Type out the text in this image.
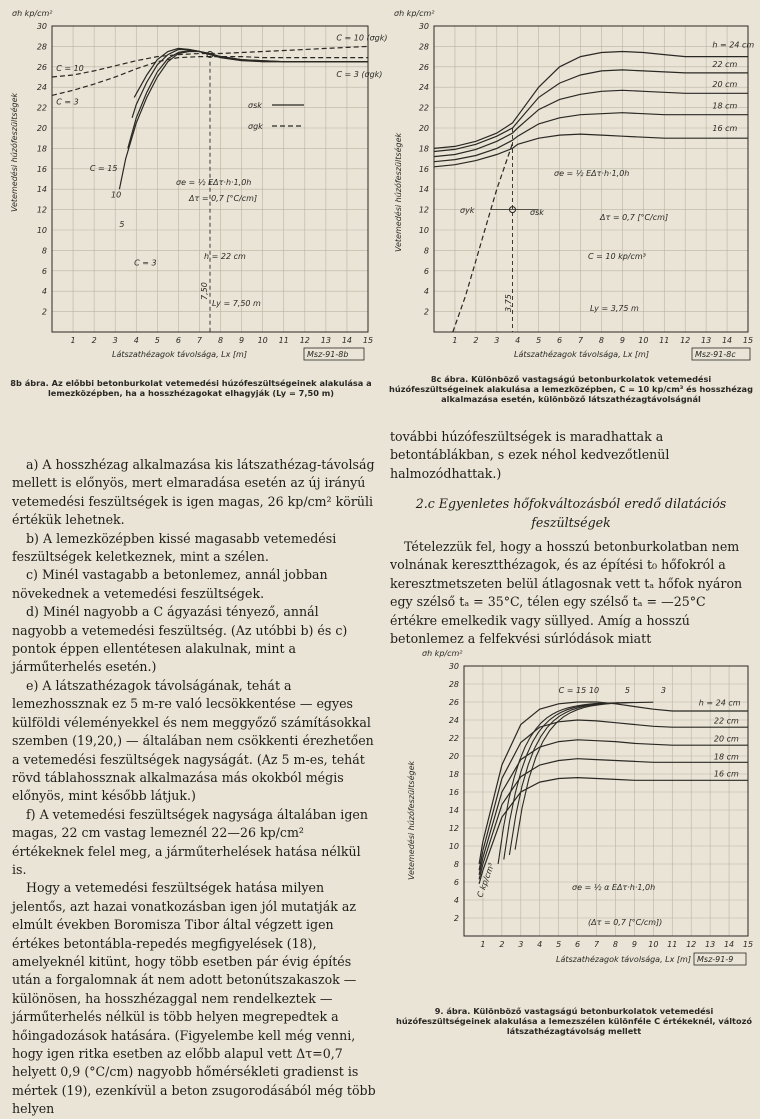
σh kp/cm²
Vetemedési húzófeszültségek
1 2 3 4 5 6 7 8 9 10 11 12 13 14 15
2
4
6
8
10
12
14
16
18
20
22
24
26
28
30
C = 3
5
10
C = 15
C = 10 (σgk)
C = 3 (σgk)
C = 10
C = 3
σe = ½ EΔτ·h·1,0h
Δτ = 0,7 [°C/cm]
h = 22 cm
Ly = 7,50 m
σsk
σgk
7,50
Látszathézagok távolsága, Lx [m]	Msz-91-8b
8b ábra. Az előbbi betonburkolat vetemedési húzófeszültségeinek alakulása a lemezközépben, ha a hosszhézagokat elhagyják (Ly = 7,50 m)
σh kp/cm²
Vetemedési húzófeszültségek
1 2 3 4 5 6 7 8 9 10 11 12 13 14 15
2
4
6
8
10
12
14
16
18
20
22
24
26
28
30
h = 24 cm
22 cm
20 cm
18 cm
16 cm
σe = ½ EΔτ·h·1,0h
Δτ = 0,7 [°C/cm]
C = 10 kp/cm³
Ly = 3,75 m
σyk	σsk
3,75
Látszathézagok távolsága, Lx [m]	Msz-91-8c
8c ábra. Különböző vastagságú betonburkolatok vetemedési húzófeszültségeinek alakulása a lemezközépben, C = 10 kp/cm³ és hosszhézag alkalmazása esetén, különböző látszathézagtávolságnál

a) A hosszhézag alkalmazása kis látszathézag-távolság mellett is előnyös, mert elmaradása esetén az új irányú vetemedési feszültségek is igen magas, 26 kp/cm² körüli értékük lehetnek.

b) A lemezközépben kissé magasabb vetemedési feszültségek keletkeznek, mint a szélen.

c) Minél vastagabb a betonlemez, annál jobban növekednek a vetemedési feszültségek.

d) Minél nagyobb a C ágyazási tényező, annál nagyobb a vetemedési feszültség. (Az utóbbi b) és c) pontok éppen ellentétesen alakulnak, mint a járműterhelés esetén.)

e) A látszathézagok távolságának, tehát a lemezhossznak ez 5 m-re való lecsökkentése — egyes külföldi véleményekkel és nem meggyőző számításokkal szemben (19,20,) — általában nem csökkenti érezhetően a vetemedési feszültségek nagyságát. (Az 5 m-es, tehát rövd táblahossznak alkalmazása más okokból mégis előnyös, mint később látjuk.)

f) A vetemedési feszültségek nagysága általában igen magas, 22 cm vastag lemeznél 22—26 kp/cm² értékeknek felel meg, a járműterhelések hatása nélkül is.

Hogy a vetemedési feszültségek hatása milyen jelentős, azt hazai vonatkozásban igen jól mutatják az elmúlt években Boromisza Tibor által végzett igen értékes betontábla-repedés megfigyelések (18), amelyeknél kitünt, hogy több esetben pár évig építés után a forgalomnak át nem adott betonútszakaszok — különösen, ha hosszhézaggal nem rendelkeztek — járműterhelés nélkül is több helyen megrepedtek a hőingadozások hatására. (Figyelembe kell még venni, hogy igen ritka esetben az előbb alapul vett Δτ=0,7 helyett 0,9 (°C/cm) nagyobb hőmérsékleti gradienst is mértek (19), ezenkívül a beton zsugorodásából még több helyen

további húzófeszültségek is maradhattak a betontáblákban, s ezek néhol kedvezőtlenül halmozódhattak.)

2.c Egyenletes hőfokváltozásból eredő dilatációs feszültségek

Tételezzük fel, hogy a hosszú betonburkolatban nem volnának keresztthézagok, és az építési t₀ hőfokról a keresztmetszeten belül átlagosnak vett tₐ hőfok nyáron egy szélső tₐ = 35°C, télen egy szélső tₐ = —25°C értékre emelkedik vagy süllyed. Amíg a hosszú betonlemez a felfekvési súrlódások miatt

σh kp/cm²
Vetemedési húzófeszültségek
1 2 3 4 5 6 7 8 9 10 11 12 13 14 15
2
4
6
8
10
12
14
16
18
20
22
24
26
28
30
h = 24 cm
22 cm
20 cm
18 cm
16 cm
C = 15 10	5	3
σe = ½ α EΔτ·h·1,0h
(Δτ = 0,7 [°C/cm])
C kp/cm³
Látszathézagok távolsága, Lx [m] Msz-91-9
9. ábra. Különböző vastagságú betonburkolatok vetemedési húzófeszültségeinek alakulása a lemezszélen különféle C értékeknél, változó látszathézagtávolság mellett
